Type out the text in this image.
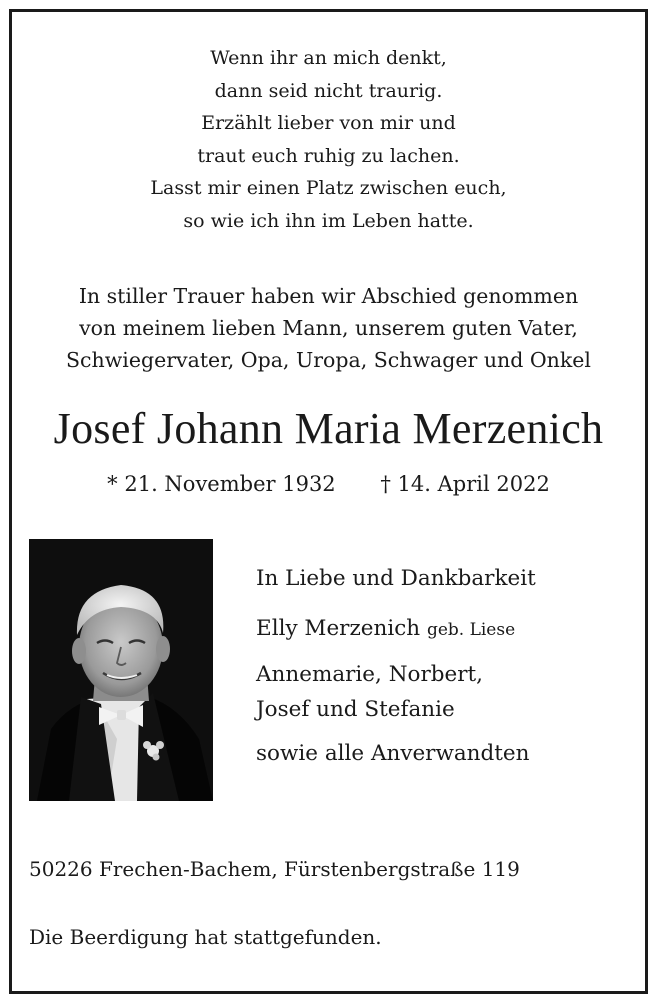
Wenn ihr an mich denkt,
dann seid nicht traurig.
Erzählt lieber von mir und
traut euch ruhig zu lachen.
Lasst mir einen Platz zwischen euch,
so wie ich ihn im Leben hatte.
In stiller Trauer haben wir Abschied genommen
von meinem lieben Mann, unserem guten Vater,
Schwiegervater, Opa, Uropa, Schwager und Onkel
Josef Johann Maria Merzenich
* 21. November 1932 † 14. April 2022
In Liebe und Dankbarkeit
Elly Merzenich geb. Liese
Annemarie, Norbert,
Josef und Stefanie
sowie alle Anverwandten
50226 Frechen-Bachem, Fürstenbergstraße 119
Die Beerdigung hat stattgefunden.
